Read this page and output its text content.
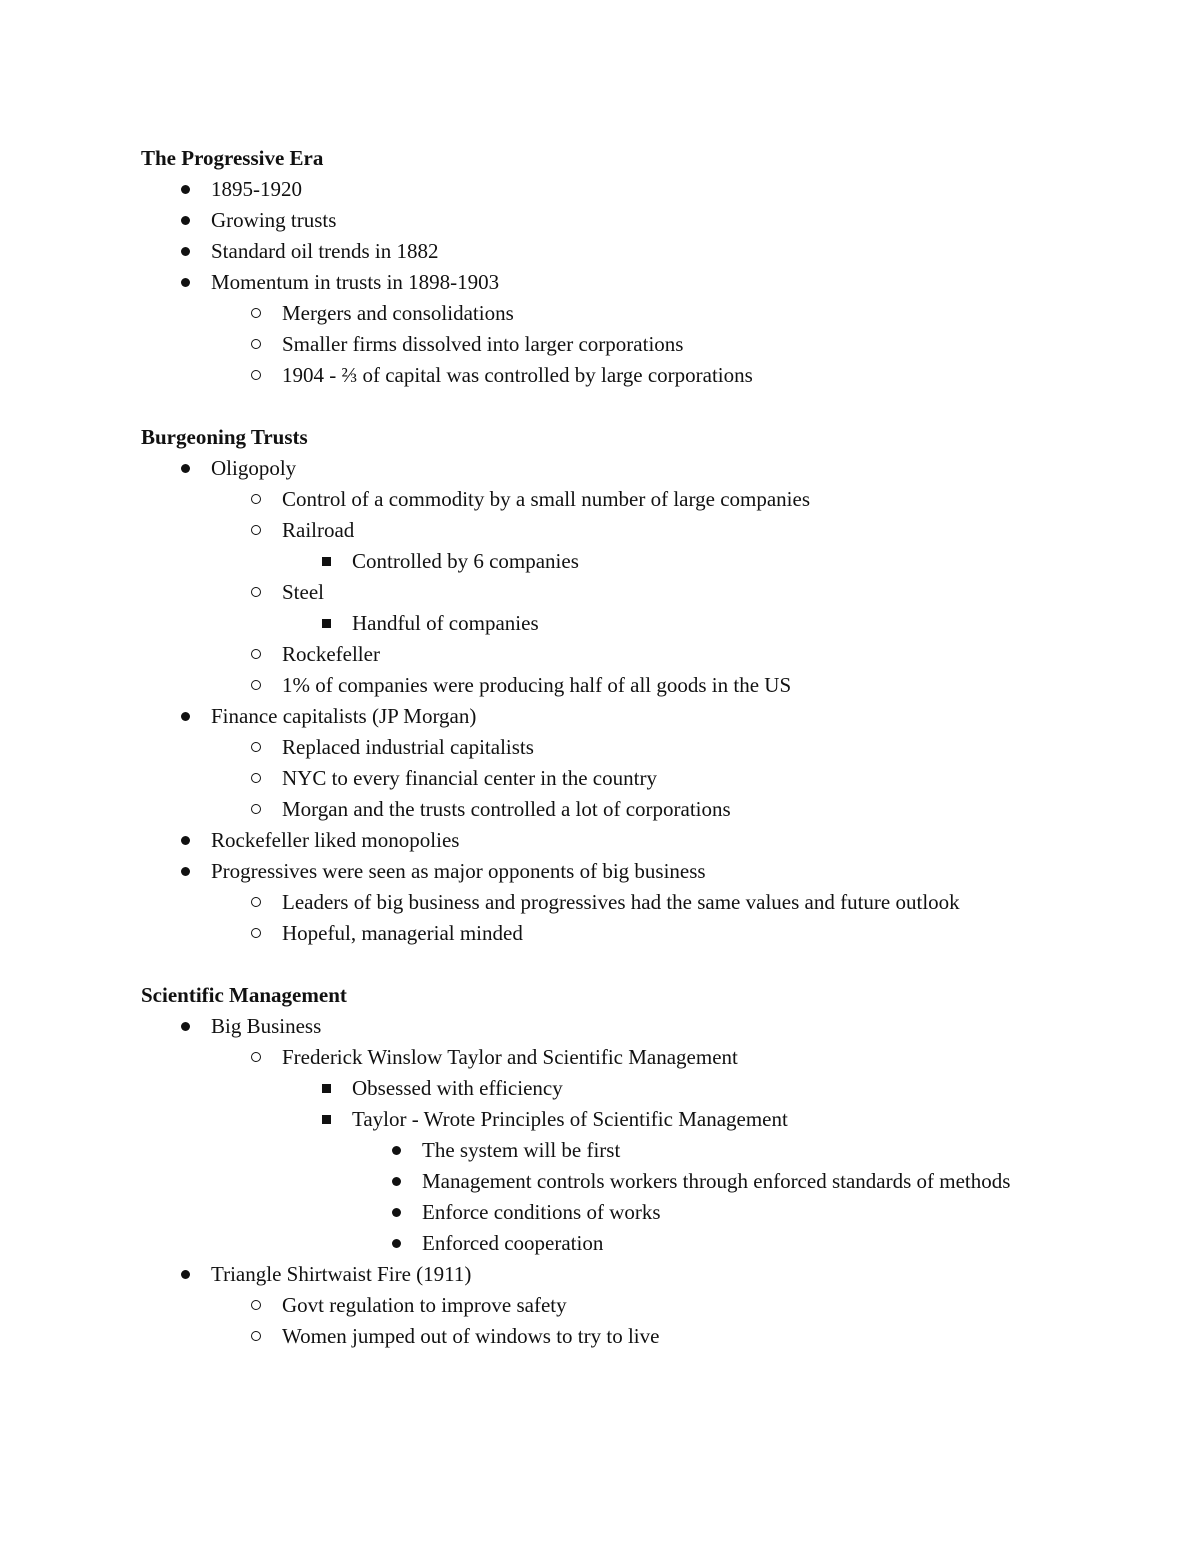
The Progressive Era
1895-1920
Growing trusts
Standard oil trends in 1882
Momentum in trusts in 1898-1903
Mergers and consolidations
Smaller firms dissolved into larger corporations
1904 - ⅔ of capital was controlled by large corporations
Burgeoning Trusts
Oligopoly
Control of a commodity by a small number of large companies
Railroad
Controlled by 6 companies
Steel
Handful of companies
Rockefeller
1% of companies were producing half of all goods in the US
Finance capitalists (JP Morgan)
Replaced industrial capitalists
NYC to every financial center in the country
Morgan and the trusts controlled a lot of corporations
Rockefeller liked monopolies
Progressives were seen as major opponents of big business
Leaders of big business and progressives had the same values and future outlook
Hopeful, managerial minded
Scientific Management
Big Business
Frederick Winslow Taylor and Scientific Management
Obsessed with efficiency
Taylor - Wrote Principles of Scientific Management
The system will be first
Management controls workers through enforced standards of methods
Enforce conditions of works
Enforced cooperation
Triangle Shirtwaist Fire (1911)
Govt regulation to improve safety
Women jumped out of windows to try to live
